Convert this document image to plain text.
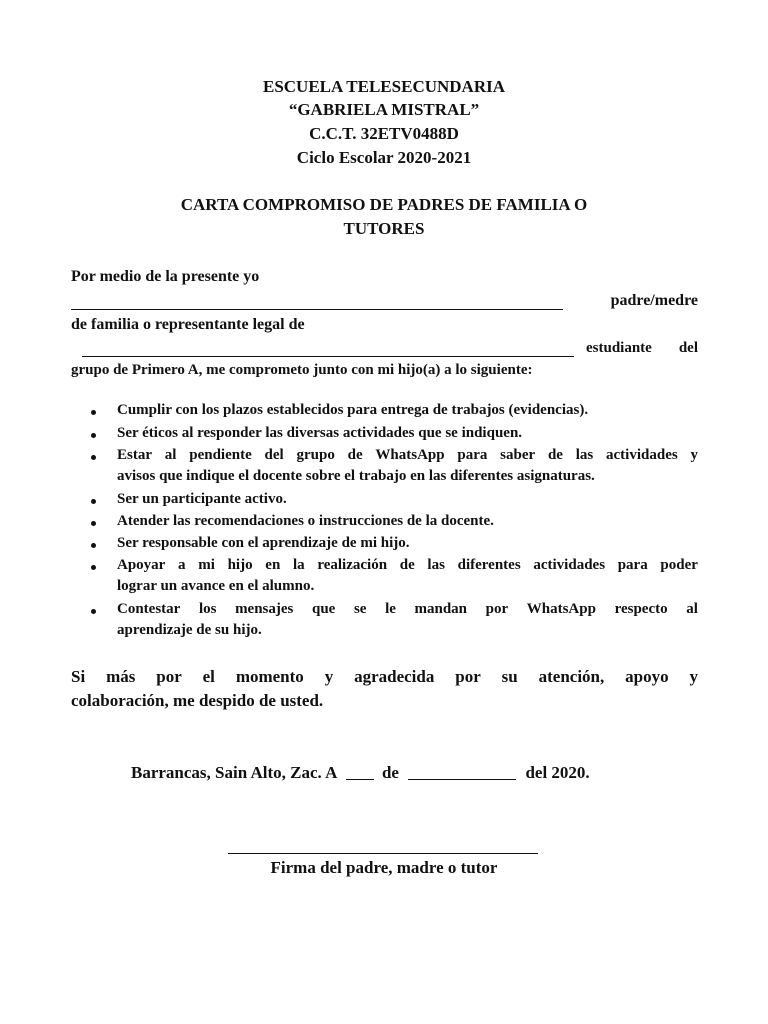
ESCUELA TELESECUNDARIA
“GABRIELA MISTRAL”
C.C.T. 32ETV0488D
Ciclo Escolar 2020-2021
CARTA COMPROMISO DE PADRES DE FAMILIA O
TUTORES
Por medio de la presente yo
padre/medre
de familia o representante legal de
estudiante del
grupo de Primero A, me comprometo junto con mi hijo(a) a lo siguiente:
Cumplir con los plazos establecidos para entrega de trabajos (evidencias).
Ser éticos al responder las diversas actividades que se indiquen.
Estar al pendiente del grupo de WhatsApp para saber de las actividades y
avisos que indique el docente sobre el trabajo en las diferentes asignaturas.
Ser un participante activo.
Atender las recomendaciones o instrucciones de la docente.
Ser responsable con el aprendizaje de mi hijo.
Apoyar a mi hijo en la realización de las diferentes actividades para poder
lograr un avance en el alumno.
Contestar los mensajes que se le mandan por WhatsApp respecto al
aprendizaje de su hijo.
Si más por el momento y agradecida por su atención, apoyo y
colaboración, me despido de usted.
Barrancas, Sain Alto, Zac. A	de	del 2020.
Firma del padre, madre o tutor
